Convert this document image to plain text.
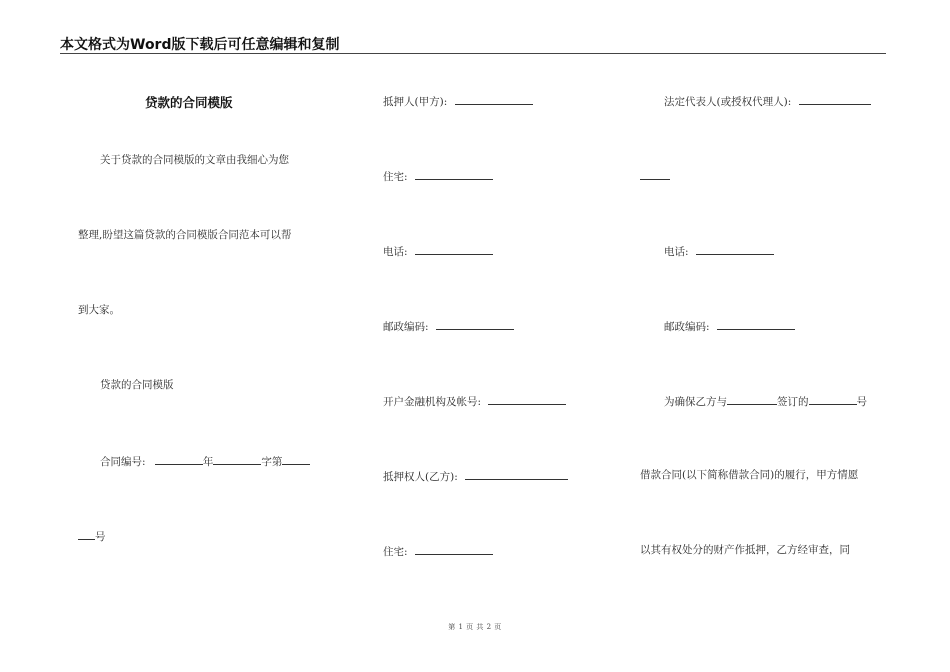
本文格式为Word版下载后可任意编辑和复制
贷款的合同模版
关于贷款的合同模版的文章由我细心为您
整理,盼望这篇贷款的合同模版合同范本可以帮
到大家。
贷款的合同模版
合同编号:	年	字第
号
抵押人(甲方):
住宅:
电话:
邮政编码:
开户金融机构及帐号:
抵押权人(乙方):
住宅:
法定代表人(或授权代理人):
电话:
邮政编码:
为确保乙方与	签订的	号
借款合同(以下简称借款合同)的履行，甲方情愿
以其有权处分的财产作抵押，乙方经审查，同
第 1 页 共 2 页
